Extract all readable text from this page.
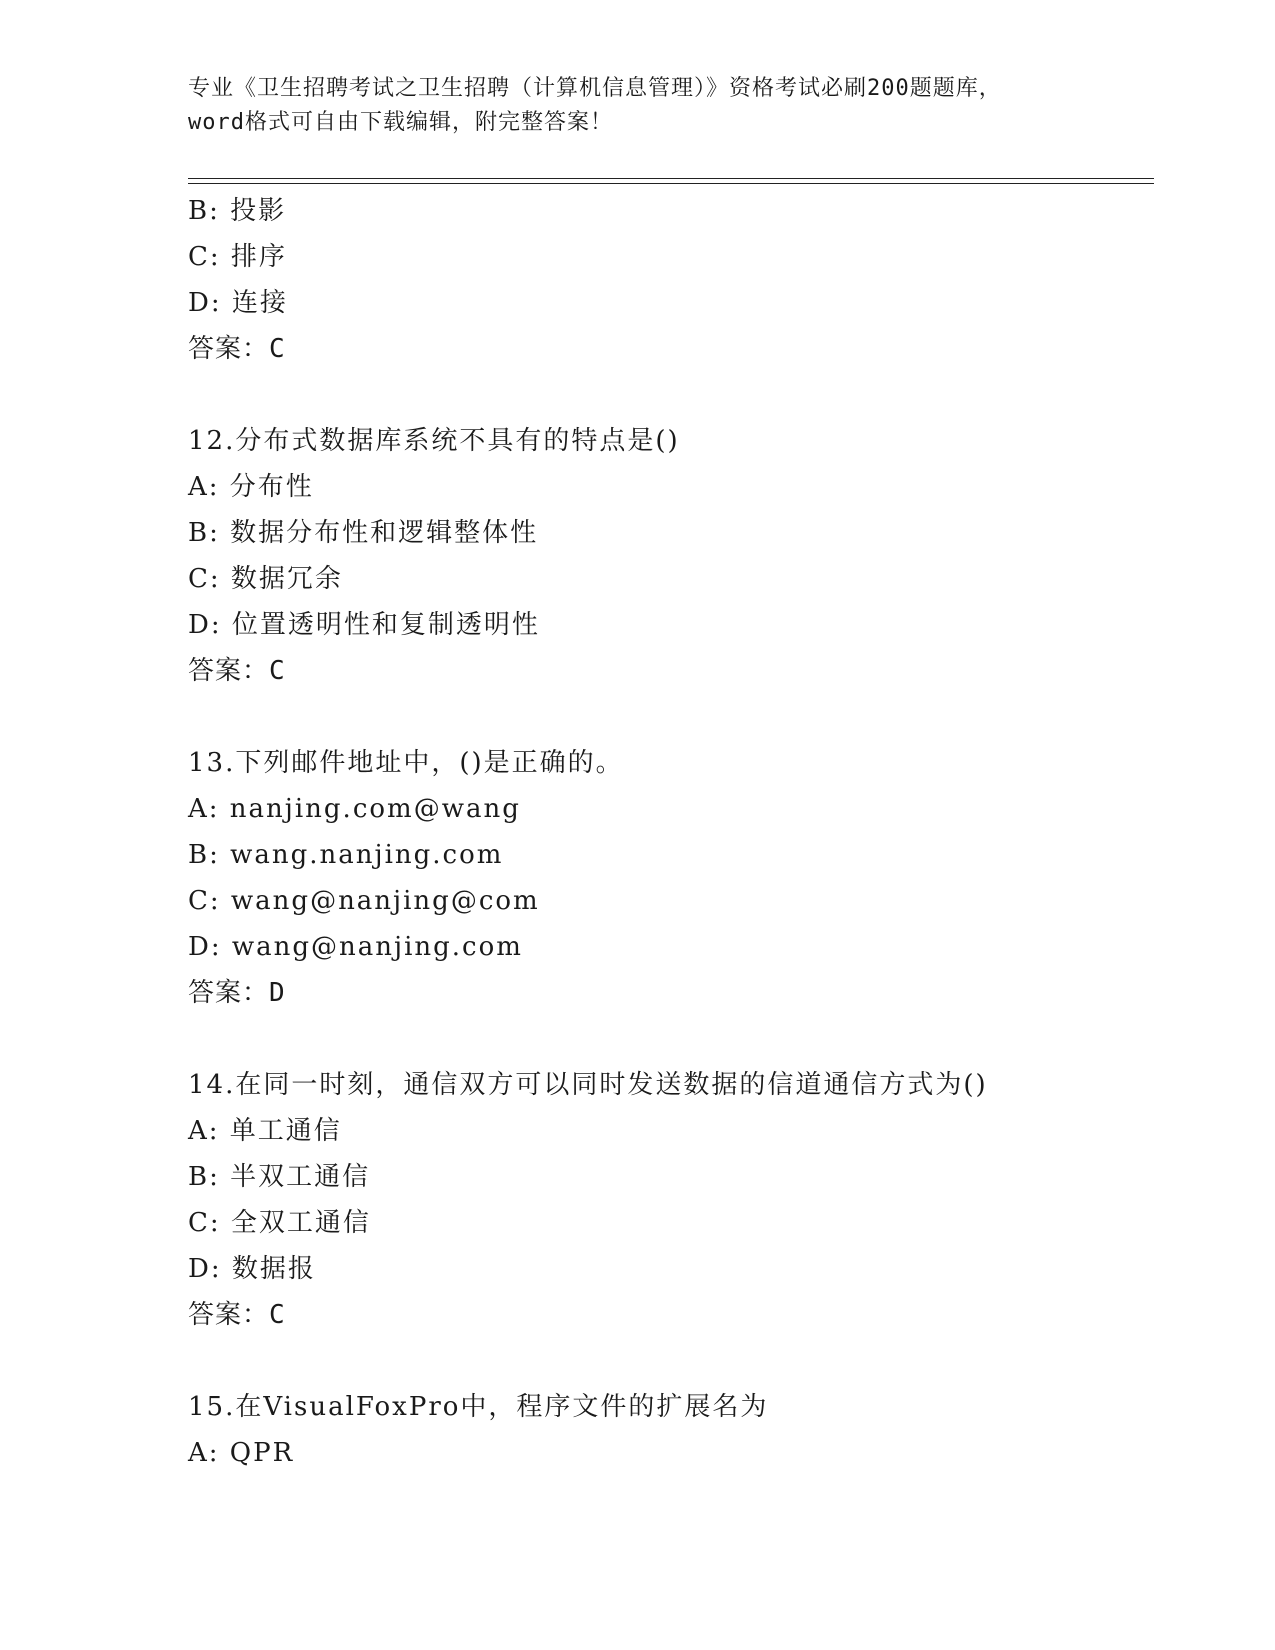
专业《卫生招聘考试之卫生招聘（计算机信息管理）》资格考试必刷200题题库，
word格式可自由下载编辑，附完整答案！
B: 投影
C: 排序
D: 连接
答案：C
12.分布式数据库系统不具有的特点是()
A: 分布性
B: 数据分布性和逻辑整体性
C: 数据冗余
D: 位置透明性和复制透明性
答案：C
13.下列邮件地址中，()是正确的。
A: nanjing.com@wang
B: wang.nanjing.com
C: wang@nanjing@com
D: wang@nanjing.com
答案：D
14.在同一时刻，通信双方可以同时发送数据的信道通信方式为()
A: 单工通信
B: 半双工通信
C: 全双工通信
D: 数据报
答案：C
15.在VisualFoxPro中，程序文件的扩展名为
A: QPR
